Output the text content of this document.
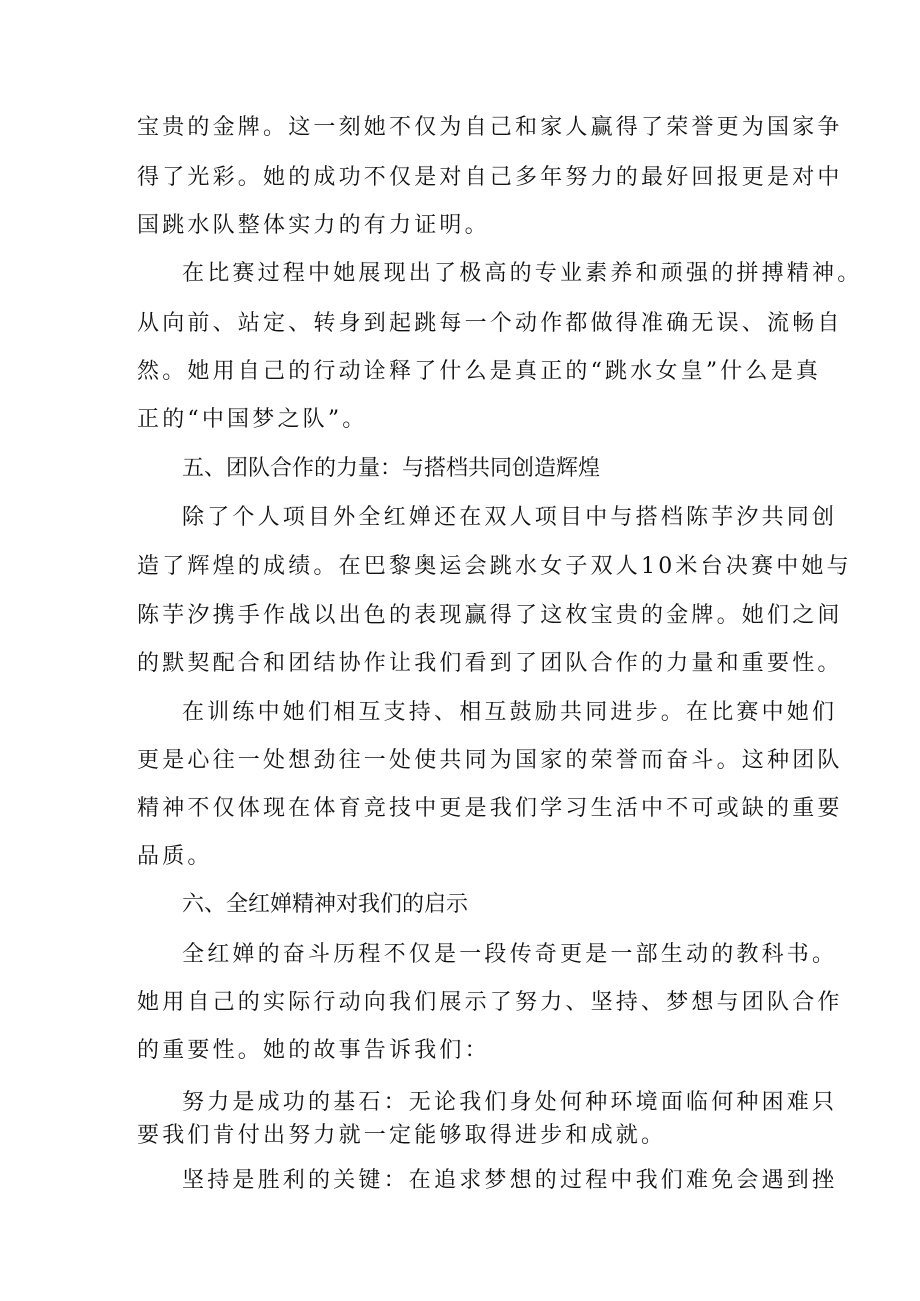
宝贵的金牌。这一刻她不仅为自己和家人赢得了荣誉更为国家争
得了光彩。她的成功不仅是对自己多年努力的最好回报更是对中
国跳水队整体实力的有力证明。
在比赛过程中她展现出了极高的专业素养和顽强的拼搏精神。
从向前、站定、转身到起跳每一个动作都做得准确无误、流畅自
然。她用自己的行动诠释了什么是真正的“跳水女皇”什么是真
正的“中国梦之队”。
五、团队合作的力量：与搭档共同创造辉煌
除了个人项目外全红婵还在双人项目中与搭档陈芋汐共同创
造了辉煌的成绩。在巴黎奥运会跳水女子双人10米台决赛中她与
陈芋汐携手作战以出色的表现赢得了这枚宝贵的金牌。她们之间
的默契配合和团结协作让我们看到了团队合作的力量和重要性。
在训练中她们相互支持、相互鼓励共同进步。在比赛中她们
更是心往一处想劲往一处使共同为国家的荣誉而奋斗。这种团队
精神不仅体现在体育竞技中更是我们学习生活中不可或缺的重要
品质。
六、全红婵精神对我们的启示
全红婵的奋斗历程不仅是一段传奇更是一部生动的教科书。
她用自己的实际行动向我们展示了努力、坚持、梦想与团队合作
的重要性。她的故事告诉我们：
努力是成功的基石：无论我们身处何种环境面临何种困难只
要我们肯付出努力就一定能够取得进步和成就。
坚持是胜利的关键：在追求梦想的过程中我们难免会遇到挫
